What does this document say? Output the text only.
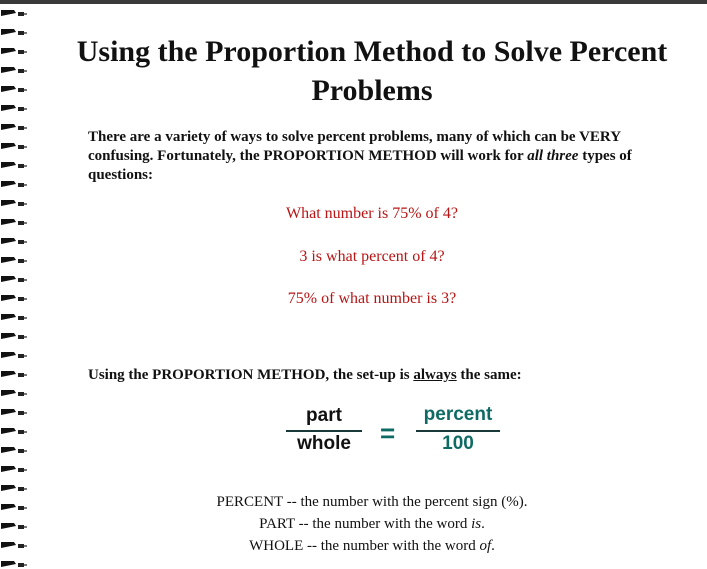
Using the Proportion Method to Solve Percent
Problems
There are a variety of ways to solve percent problems, many of which can be VERY confusing. Fortunately, the PROPORTION METHOD will work for all three types of questions:
What number is 75% of 4?
3 is what percent of 4?
75% of what number is 3?
Using the PROPORTION METHOD, the set-up is always the same:
part
whole	=
percent
100
PERCENT -- the number with the percent sign (%).
PART -- the number with the word is.
WHOLE -- the number with the word of.
